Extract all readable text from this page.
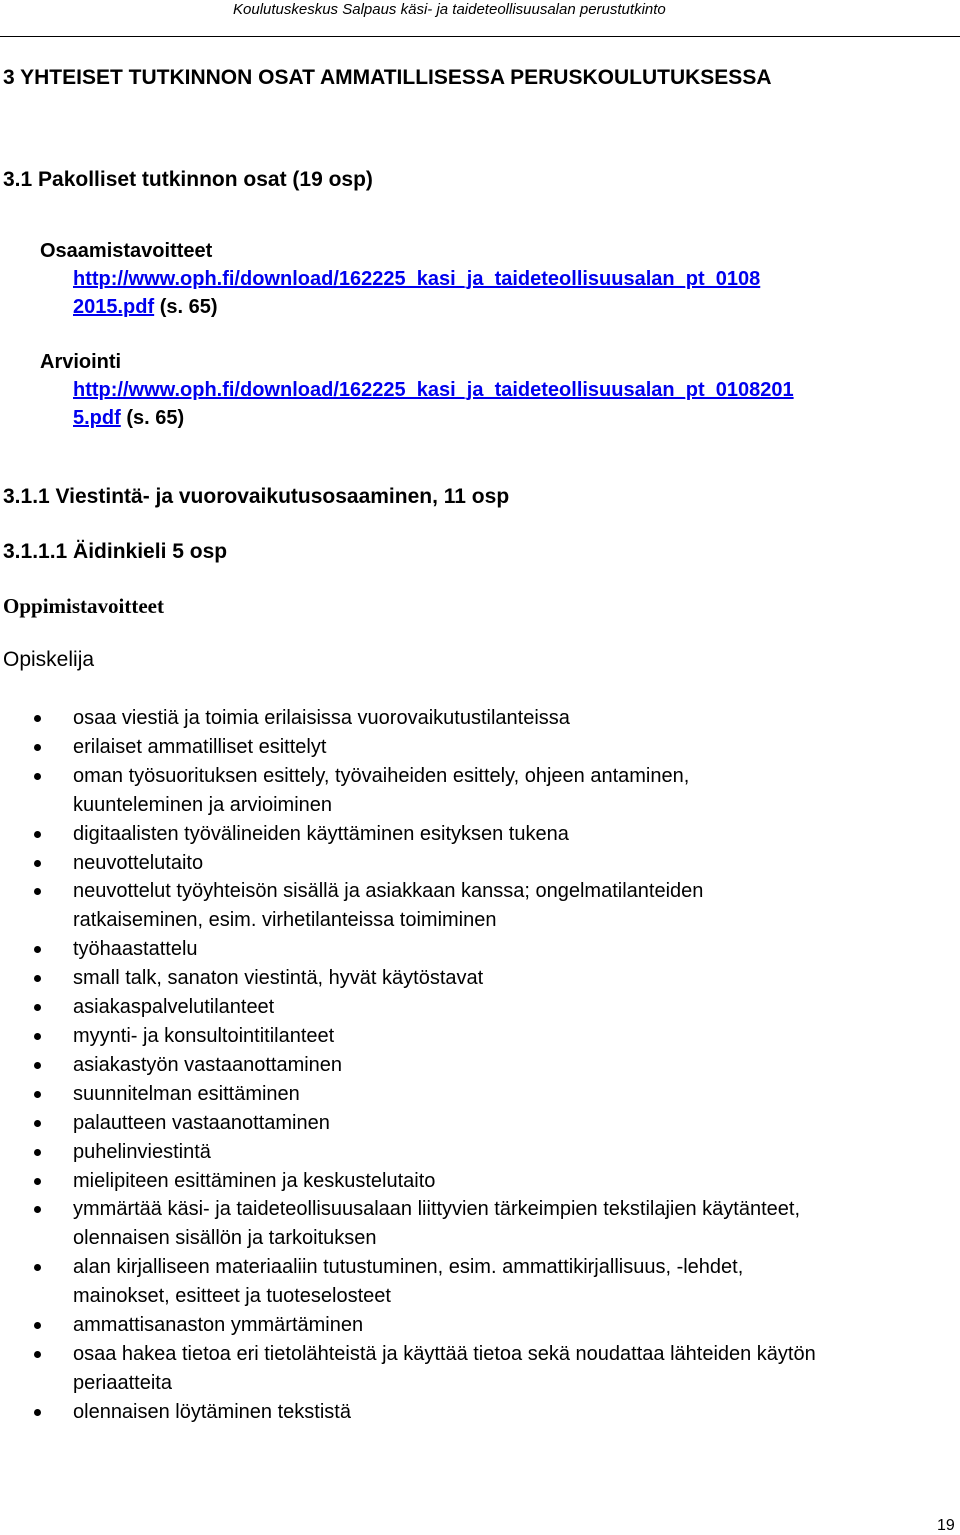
Koulutuskeskus Salpaus käsi- ja taideteollisuusalan perustutkinto
3 YHTEISET TUTKINNON OSAT AMMATILLISESSA PERUSKOULUTUKSESSA
3.1 Pakolliset tutkinnon osat (19 osp)
Osaamistavoitteet
http://www.oph.fi/download/162225_kasi_ja_taideteollisuusalan_pt_0108
2015.pdf (s. 65)
Arviointi
http://www.oph.fi/download/162225_kasi_ja_taideteollisuusalan_pt_0108201
5.pdf (s. 65)
3.1.1 Viestintä- ja vuorovaikutusosaaminen, 11 osp
3.1.1.1 Äidinkieli 5 osp
Oppimistavoitteet
Opiskelija
osaa viestiä ja toimia erilaisissa vuorovaikutustilanteissa
erilaiset ammatilliset esittelyt
oman työsuorituksen esittely, työvaiheiden esittely, ohjeen antaminen,
kuunteleminen ja arvioiminen
digitaalisten työvälineiden käyttäminen esityksen tukena
neuvottelutaito
neuvottelut työyhteisön sisällä ja asiakkaan kanssa; ongelmatilanteiden
ratkaiseminen, esim. virhetilanteissa toimiminen
työhaastattelu
small talk, sanaton viestintä, hyvät käytöstavat
asiakaspalvelutilanteet
myynti- ja konsultointitilanteet
asiakastyön vastaanottaminen
suunnitelman esittäminen
palautteen vastaanottaminen
puhelinviestintä
mielipiteen esittäminen ja keskustelutaito
ymmärtää käsi- ja taideteollisuusalaan liittyvien tärkeimpien tekstilajien käytänteet,
olennaisen sisällön ja tarkoituksen
alan kirjalliseen materiaaliin tutustuminen, esim. ammattikirjallisuus, -lehdet,
mainokset, esitteet ja tuoteselosteet
ammattisanaston ymmärtäminen
osaa hakea tietoa eri tietolähteistä ja käyttää tietoa sekä noudattaa lähteiden käytön
periaatteita
olennaisen löytäminen tekstistä
19
